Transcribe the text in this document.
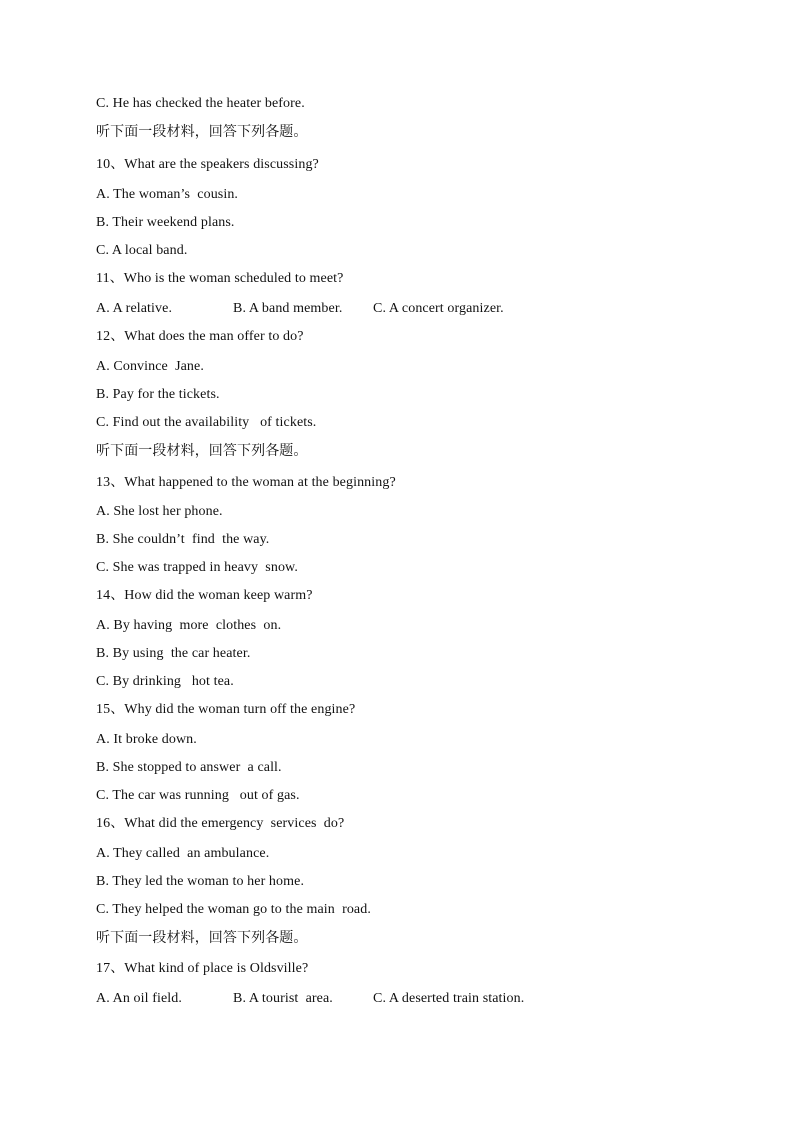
C. He has checked the heater before.
听下面一段材料，回答下列各题。
10、What are the speakers discussing?
A. The woman’s  cousin.
B. Their weekend plans.
C. A local band.
11、Who is the woman scheduled to meet?
A. A relative.	B. A band member.	C. A concert organizer.
12、What does the man offer to do?
A. Convince  Jane.
B. Pay for the tickets.
C. Find out the availability   of tickets.
听下面一段材料，回答下列各题。
13、What happened to the woman at the beginning?
A. She lost her phone.
B. She couldn’t  find  the way.
C. She was trapped in heavy  snow.
14、How did the woman keep warm?
A. By having  more  clothes  on.
B. By using  the car heater.
C. By drinking   hot tea.
15、Why did the woman turn off the engine?
A. It broke down.
B. She stopped to answer  a call.
C. The car was running   out of gas.
16、What did the emergency  services  do?
A. They called  an ambulance.
B. They led the woman to her home.
C. They helped the woman go to the main  road.
听下面一段材料，回答下列各题。
17、What kind of place is Oldsville?
A. An oil field.	B. A tourist  area.	C. A deserted train station.
